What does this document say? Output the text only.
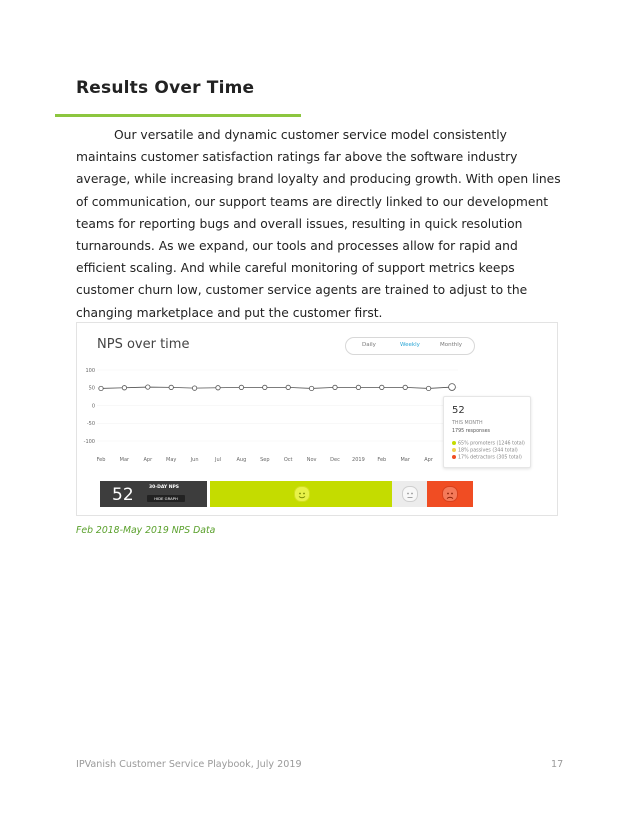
Results Over Time

Our versatile and dynamic customer service model consistently maintains customer satisfaction ratings far above the software industry average, while increasing brand loyalty and producing growth. With open lines of communication, our support teams are directly linked to our development teams for reporting bugs and overall issues, resulting in quick resolution turnarounds. As we expand, our tools and processes allow for rapid and efficient scaling. And while careful monitoring of support metrics keeps customer churn low, customer service agents are trained to adjust to the changing marketplace and put the customer first.

NPS over time	Daily	Weekly	Monthly
100
50
0
-50
-100
Feb	Mar	Apr	May	Jun	Jul	Aug	Sep	Oct	Nov	Dec 2019	Feb	Mar	Apr
52
THIS MONTH
1795 responses
65% promoters (1246 total)
18% passives (344 total)
17% detractors (305 total)
52	30-DAY NPS
HIDE GRAPH

Feb 2018-May 2019 NPS Data

IPVanish Customer Service Playbook, July 2019	17
